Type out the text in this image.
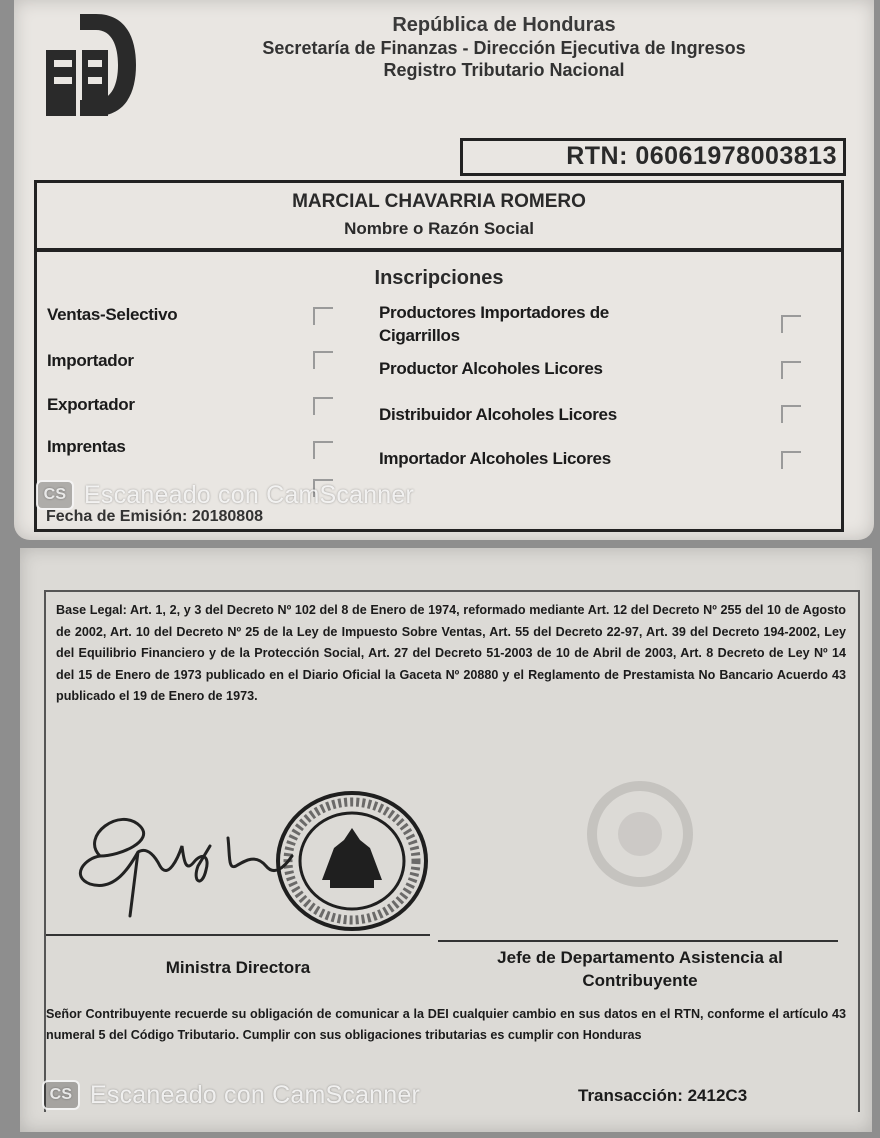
República de Honduras
Secretaría de Finanzas - Dirección Ejecutiva de Ingresos
Registro Tributario Nacional
RTN: 06061978003813
MARCIAL CHAVARRIA ROMERO
Nombre o Razón Social
Inscripciones
Ventas-Selectivo
Importador
Exportador
Imprentas
Productores Importadores de Cigarrillos
Productor Alcoholes Licores
Distribuidor Alcoholes Licores
Importador Alcoholes Licores
Fecha de Emisión: 20180808
CS Escaneado con CamScanner
Base Legal: Art. 1, 2, y 3 del Decreto Nº 102 del 8 de Enero de 1974, reformado mediante Art. 12 del Decreto Nº 255 del 10 de Agosto de 2002, Art. 10 del Decreto Nº 25 de la Ley de Impuesto Sobre Ventas, Art. 55 del Decreto 22-97, Art. 39 del Decreto 194-2002, Ley del Equilibrio Financiero y de la Protección Social, Art. 27 del Decreto 51-2003 de 10 de Abril de 2003, Art. 8 Decreto de Ley Nº 14 del 15 de Enero de 1973 publicado en el Diario Oficial la Gaceta Nº 20880 y el Reglamento de Prestamista No Bancario Acuerdo 43 publicado el 19 de Enero de 1973.
Ministra Directora
Jefe de Departamento Asistencia al Contribuyente
Señor Contribuyente recuerde su obligación de comunicar a la DEI cualquier cambio en sus datos en el RTN, conforme el artículo 43 numeral 5 del Código Tributario. Cumplir con sus obligaciones tributarias es cumplir con Honduras
Transacción: 2412C3
CS Escaneado con CamScanner
